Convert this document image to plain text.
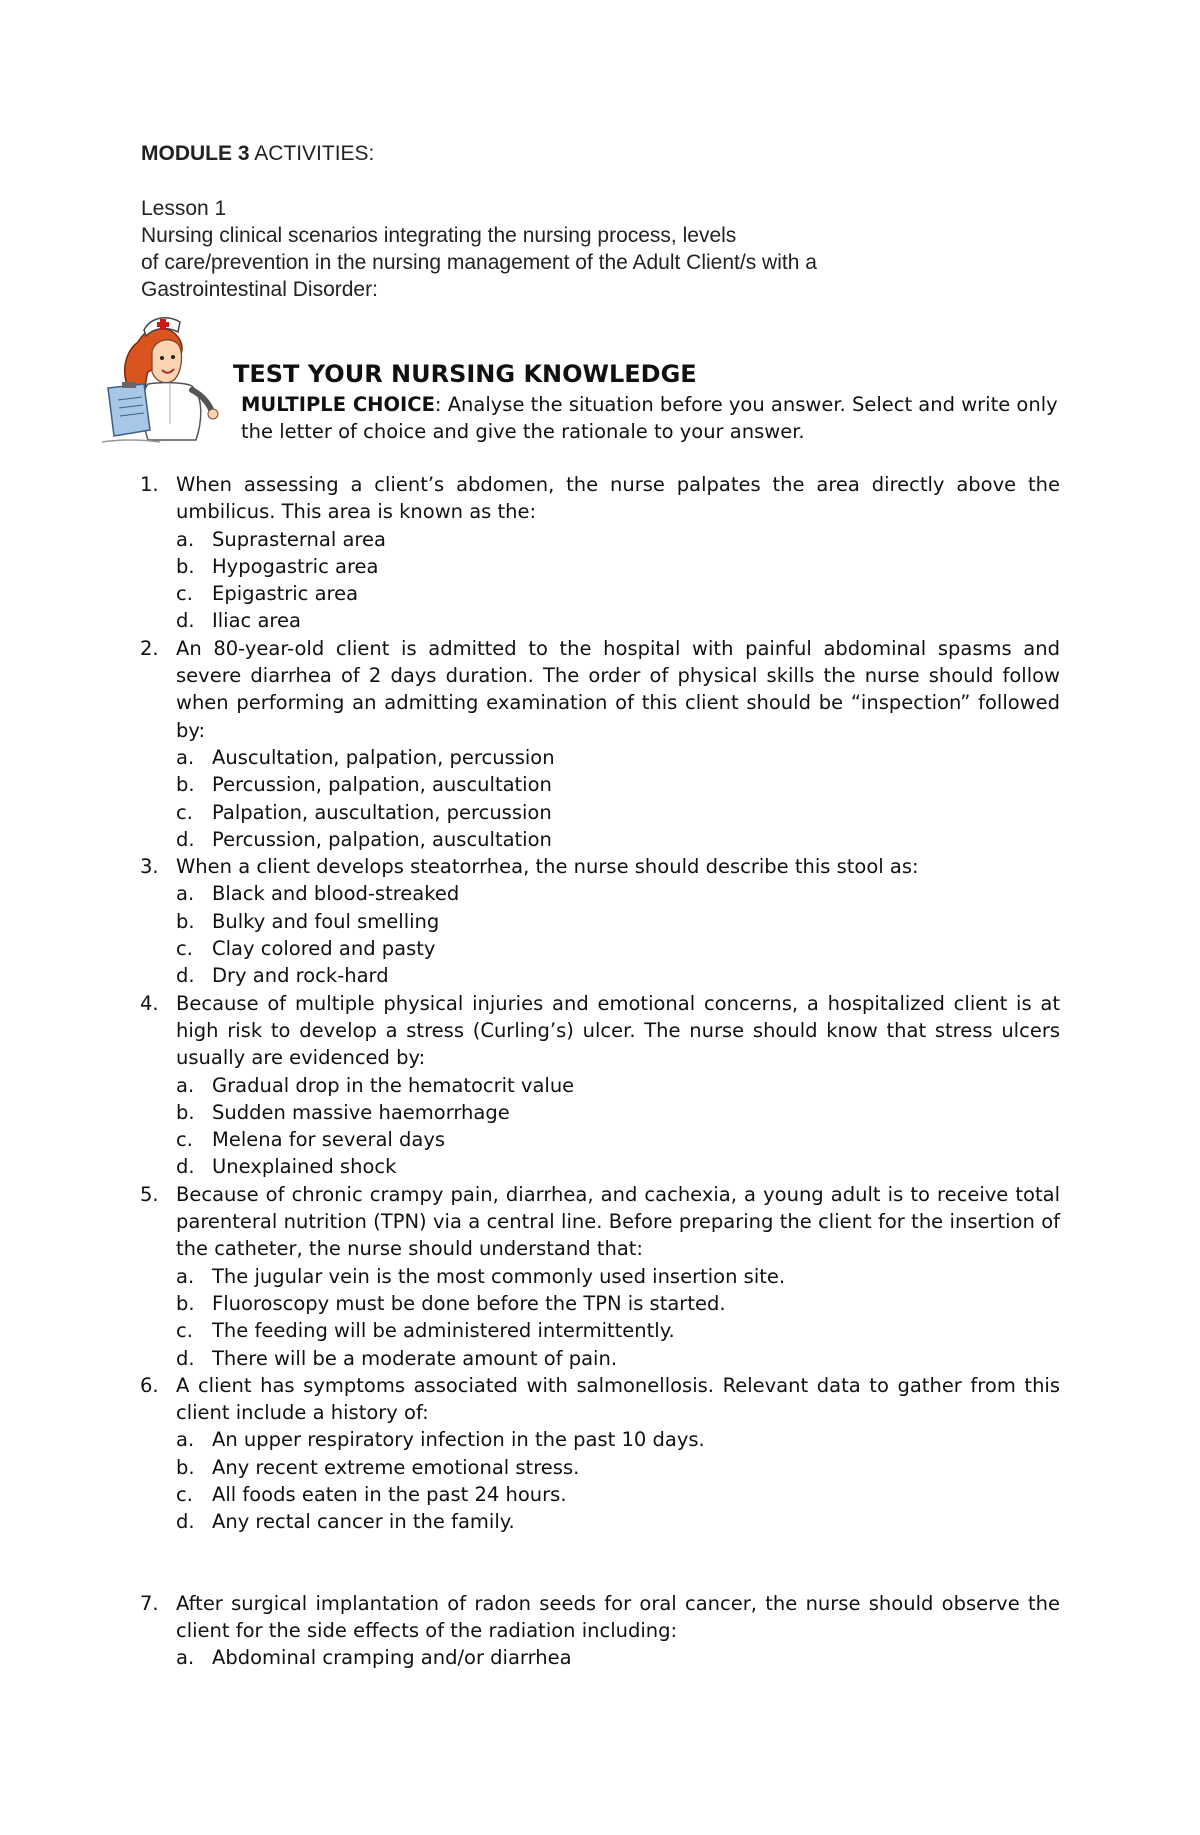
MODULE 3 ACTIVITIES:

Lesson 1

Nursing clinical scenarios integrating the nursing process, levels

of care/prevention in the nursing management of the Adult Client/s with a

Gastrointestinal Disorder:

TEST YOUR NURSING KNOWLEDGE

MULTIPLE CHOICE: Analyse the situation before you answer. Select and write only the letter of choice and give the rationale to your answer.

1. When assessing a client’s abdomen, the nurse palpates the area directly above the umbilicus. This area is known as the:
a. Suprasternal area
b. Hypogastric area
c. Epigastric area
d. Iliac area
2. An 80-year-old client is admitted to the hospital with painful abdominal spasms and severe diarrhea of 2 days duration. The order of physical skills the nurse should follow when performing an admitting examination of this client should be “inspection” followed by:
a. Auscultation, palpation, percussion
b. Percussion, palpation, auscultation
c. Palpation, auscultation, percussion
d. Percussion, palpation, auscultation
3. When a client develops steatorrhea, the nurse should describe this stool as:
a. Black and blood-streaked
b. Bulky and foul smelling
c. Clay colored and pasty
d. Dry and rock-hard
4. Because of multiple physical injuries and emotional concerns, a hospitalized client is at high risk to develop a stress (Curling’s) ulcer. The nurse should know that stress ulcers usually are evidenced by:
a. Gradual drop in the hematocrit value
b. Sudden massive haemorrhage
c. Melena for several days
d. Unexplained shock
5. Because of chronic crampy pain, diarrhea, and cachexia, a young adult is to receive total parenteral nutrition (TPN) via a central line. Before preparing the client for the insertion of the catheter, the nurse should understand that:
a. The jugular vein is the most commonly used insertion site.
b. Fluoroscopy must be done before the TPN is started.
c. The feeding will be administered intermittently.
d. There will be a moderate amount of pain.
6. A client has symptoms associated with salmonellosis. Relevant data to gather from this client include a history of:
a. An upper respiratory infection in the past 10 days.
b. Any recent extreme emotional stress.
c. All foods eaten in the past 24 hours.
d. Any rectal cancer in the family.
7. After surgical implantation of radon seeds for oral cancer, the nurse should observe the client for the side effects of the radiation including:
a. Abdominal cramping and/or diarrhea
